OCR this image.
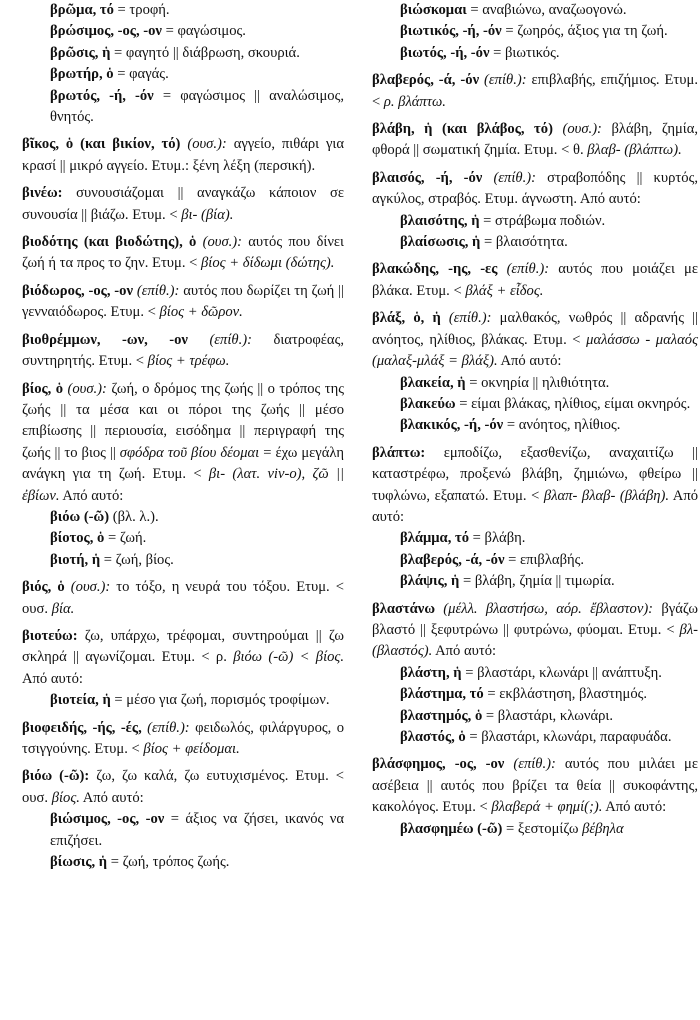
βρῶμα, τό = τροφή.
βρώσιμος, -ος, -ον = φαγώσιμος.
βρῶσις, ἡ = φαγητό || διάβρωση, σκουριά.
βρωτήρ, ὁ = φαγάς.
βρωτός, -ή, -όν = φαγώσιμος || αναλώσιμος, θνητός.
βῖκος, ὁ (και βικίον, τό) (ουσ.): αγγείο, πιθάρι για κρασί || μικρό αγγείο. Ετυμ.: ξένη λέξη (περσική).
βινέω: συνουσιάζομαι || αναγκάζω κάποιον σε συνουσία || βιάζω. Ετυμ. < βι- (βία).
βιοδότης (και βιοδώτης), ὁ (ουσ.): αυτός που δίνει ζωή ή τα προς το ζην. Ετυμ. < βίος + δίδωμι (δώτης).
βιόδωρος, -ος, -ον (επίθ.): αυτός που δωρίζει τη ζωή || γενναιόδωρος. Ετυμ. < βίος + δῶρον.
βιοθρέμμων, -ων, -ον (επίθ.): διατροφέας, συντηρητής. Ετυμ. < βίος + τρέφω.
βίος, ὁ (ουσ.): ζωή, ο δρόμος της ζωής || ο τρόπος της ζωής || τα μέσα και οι πόροι της ζωής || μέσο επιβίωσης || περιουσία, εισόδημα || περιγραφή της ζωής || το βιος || σφόδρα τοῦ βίου δέομαι = έχω μεγάλη ανάγκη για τη ζωή. Ετυμ. < βι- (λατ. viv-o), ζῶ || ἐβίων. Από αυτό:
βιόω (-ῶ) (βλ. λ.).
βίοτος, ὁ = ζωή.
βιοτή, ἡ = ζωή, βίος.
βιός, ὁ (ουσ.): το τόξο, η νευρά του τόξου. Ετυμ. < ουσ. βία.
βιοτεύω: ζω, υπάρχω, τρέφομαι, συντηρούμαι || ζω σκληρά || αγωνίζομαι. Ετυμ. < ρ. βιόω (-ῶ) < βίος. Από αυτό:
βιοτεία, ἡ = μέσο για ζωή, πορισμός τροφίμων.
βιοφειδής, -ής, -ές, (επίθ.): φειδωλός, φιλάργυρος, ο τσιγγούνης. Ετυμ. < βίος + φείδομαι.
βιόω (-ῶ): ζω, ζω καλά, ζω ευτυχισμένος. Ετυμ. < ουσ. βίος. Από αυτό:
βιώσιμος, -ος, -ον = άξιος να ζήσει, ικανός να επιζήσει.
βίωσις, ἡ = ζωή, τρόπος ζωής.
βιώσκομαι = αναβιώνω, αναζωογονώ.
βιωτικός, -ή, -όν = ζωηρός, άξιος για τη ζωή.
βιωτός, -ή, -όν = βιωτικός.
βλαβερός, -ά, -όν (επίθ.): επιβλαβής, επιζήμιος. Ετυμ. < ρ. βλάπτω.
βλάβη, ἡ (και βλάβος, τό) (ουσ.): βλάβη, ζημία, φθορά || σωματική ζημία. Ετυμ. < θ. βλαβ- (βλάπτω).
βλαισός, -ή, -όν (επίθ.): στραβοπόδης || κυρτός, αγκύλος, στραβός. Ετυμ. άγνωστη. Από αυτό:
βλαισότης, ἡ = στράβωμα ποδιών.
βλαίσωσις, ἡ = βλαισότητα.
βλακώδης, -ης, -ες (επίθ.): αυτός που μοιάζει με βλάκα. Ετυμ. < βλάξ + εἶδος.
βλάξ, ὁ, ἡ (επίθ.): μαλθακός, νωθρός || αδρανής || ανόητος, ηλίθιος, βλάκας. Ετυμ. < μαλάσσω - μαλαός (μαλαξ-μλάξ = βλάξ). Από αυτό:
βλακεία, ἡ = οκνηρία || ηλιθιότητα.
βλακεύω = είμαι βλάκας, ηλίθιος, είμαι οκνηρός.
βλακικός, -ή, -όν = ανόητος, ηλίθιος.
βλάπτω: εμποδίζω, εξασθενίζω, αναχαιτίζω || καταστρέφω, προξενώ βλάβη, ζημιώνω, φθείρω || τυφλώνω, εξαπατώ. Ετυμ. < βλαπ- βλαβ- (βλάβη). Από αυτό:
βλάμμα, τό = βλάβη.
βλαβερός, -ά, -όν = επιβλαβής.
βλάψις, ἡ = βλάβη, ζημία || τιμωρία.
βλαστάνω (μέλλ. βλαστήσω, αόρ. ἔβλαστον): βγάζω βλαστό || ξεφυτρώνω || φυτρώνω, φύομαι. Ετυμ. < βλ- (βλαστός). Από αυτό:
βλάστη, ἡ = βλαστάρι, κλωνάρι || ανάπτυξη.
βλάστημα, τό = εκβλάστηση, βλαστημός.
βλαστημός, ὁ = βλαστάρι, κλωνάρι.
βλαστός, ὁ = βλαστάρι, κλωνάρι, παραφυάδα.
βλάσφημος, -ος, -ον (επίθ.): αυτός που μιλάει με ασέβεια || αυτός που βρίζει τα θεία || συκοφάντης, κακολόγος. Ετυμ. < βλαβερά + φημί(;). Από αυτό:
βλασφημέω (-ῶ) = ξεστομίζω βέβηλα
